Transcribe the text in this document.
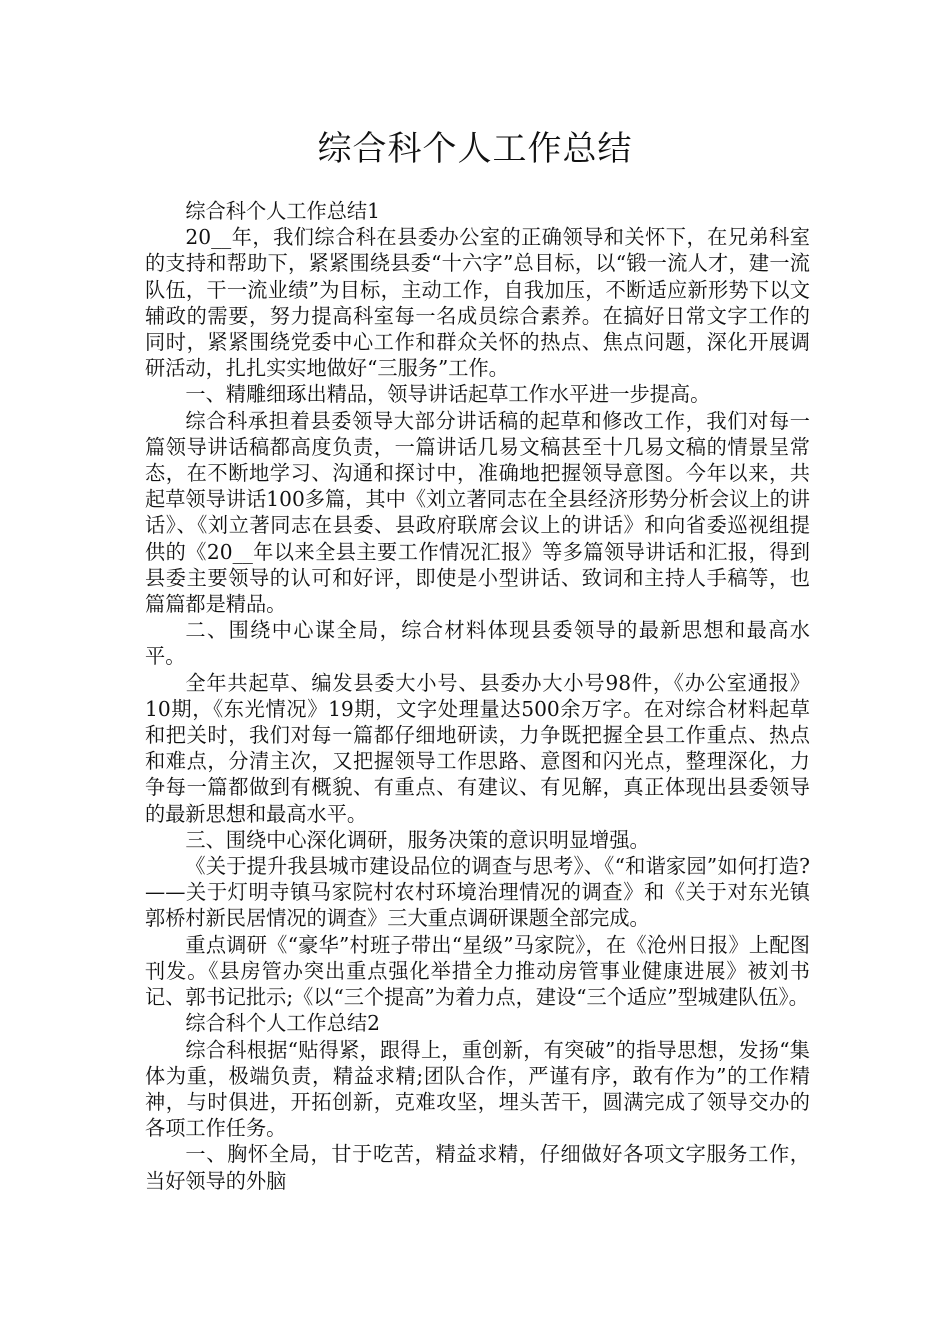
综合科个人工作总结

综合科个人工作总结1

20__年，我们综合科在县委办公室的正确领导和关怀下，在兄弟科室的支持和帮助下，紧紧围绕县委“十六字”总目标，以“锻一流人才，建一流队伍，干一流业绩”为目标，主动工作，自我加压，不断适应新形势下以文辅政的需要，努力提高科室每一名成员综合素养。在搞好日常文字工作的同时，紧紧围绕党委中心工作和群众关怀的热点、焦点问题，深化开展调研活动，扎扎实实地做好“三服务”工作。

一、精雕细琢出精品，领导讲话起草工作水平进一步提高。

综合科承担着县委领导大部分讲话稿的起草和修改工作，我们对每一篇领导讲话稿都高度负责，一篇讲话几易文稿甚至十几易文稿的情景呈常态，在不断地学习、沟通和探讨中，准确地把握领导意图。今年以来，共起草领导讲话100多篇，其中《刘立著同志在全县经济形势分析会议上的讲话》、《刘立著同志在县委、县政府联席会议上的讲话》和向省委巡视组提供的《20__年以来全县主要工作情况汇报》等多篇领导讲话和汇报，得到县委主要领导的认可和好评，即使是小型讲话、致词和主持人手稿等，也篇篇都是精品。

二、围绕中心谋全局，综合材料体现县委领导的最新思想和最高水平。

全年共起草、编发县委大小号、县委办大小号98件，《办公室通报》10期，《东光情况》19期，文字处理量达500余万字。在对综合材料起草和把关时，我们对每一篇都仔细地研读，力争既把握全县工作重点、热点和难点，分清主次，又把握领导工作思路、意图和闪光点，整理深化，力争每一篇都做到有概貌、有重点、有建议、有见解，真正体现出县委领导的最新思想和最高水平。

三、围绕中心深化调研，服务决策的意识明显增强。

《关于提升我县城市建设品位的调查与思考》、《“和谐家园”如何打造?——关于灯明寺镇马家院村农村环境治理情况的调查》和《关于对东光镇郭桥村新民居情况的调查》三大重点调研课题全部完成。

重点调研《“豪华”村班子带出“星级”马家院》，在《沧州日报》上配图刊发。《县房管办突出重点强化举措全力推动房管事业健康进展》被刘书记、郭书记批示;《以“三个提高”为着力点，建设“三个适应”型城建队伍》。

综合科个人工作总结2

综合科根据“贴得紧，跟得上，重创新，有突破”的指导思想，发扬“集体为重，极端负责，精益求精;团队合作，严谨有序，敢有作为”的工作精神，与时俱进，开拓创新，克难攻坚，埋头苦干，圆满完成了领导交办的各项工作任务。

一、胸怀全局，甘于吃苦，精益求精，仔细做好各项文字服务工作，当好领导的外脑
